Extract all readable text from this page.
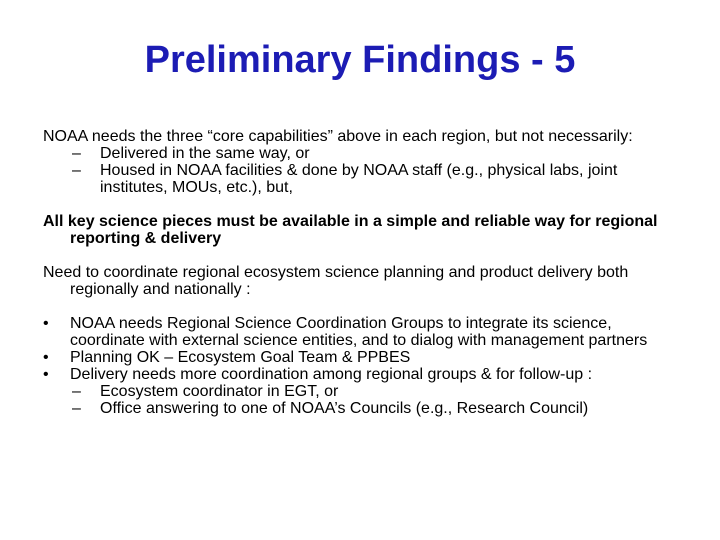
Preliminary Findings - 5

NOAA needs the three “core capabilities” above in each region, but not necessarily:

– Delivered in the same way, or

– Housed in NOAA facilities & done by NOAA staff (e.g., physical labs, joint institutes, MOUs, etc.), but,

All key science pieces must be available in a simple and reliable way for regional reporting & delivery

Need to coordinate regional ecosystem science planning and product delivery both regionally and nationally :

• NOAA needs Regional Science Coordination Groups to integrate its science, coordinate with external science entities, and to dialog with management partners

• Planning OK – Ecosystem Goal Team & PPBES

• Delivery needs more coordination among regional groups & for follow-up :

– Ecosystem coordinator in EGT, or

– Office answering to one of NOAA’s Councils (e.g., Research Council)
